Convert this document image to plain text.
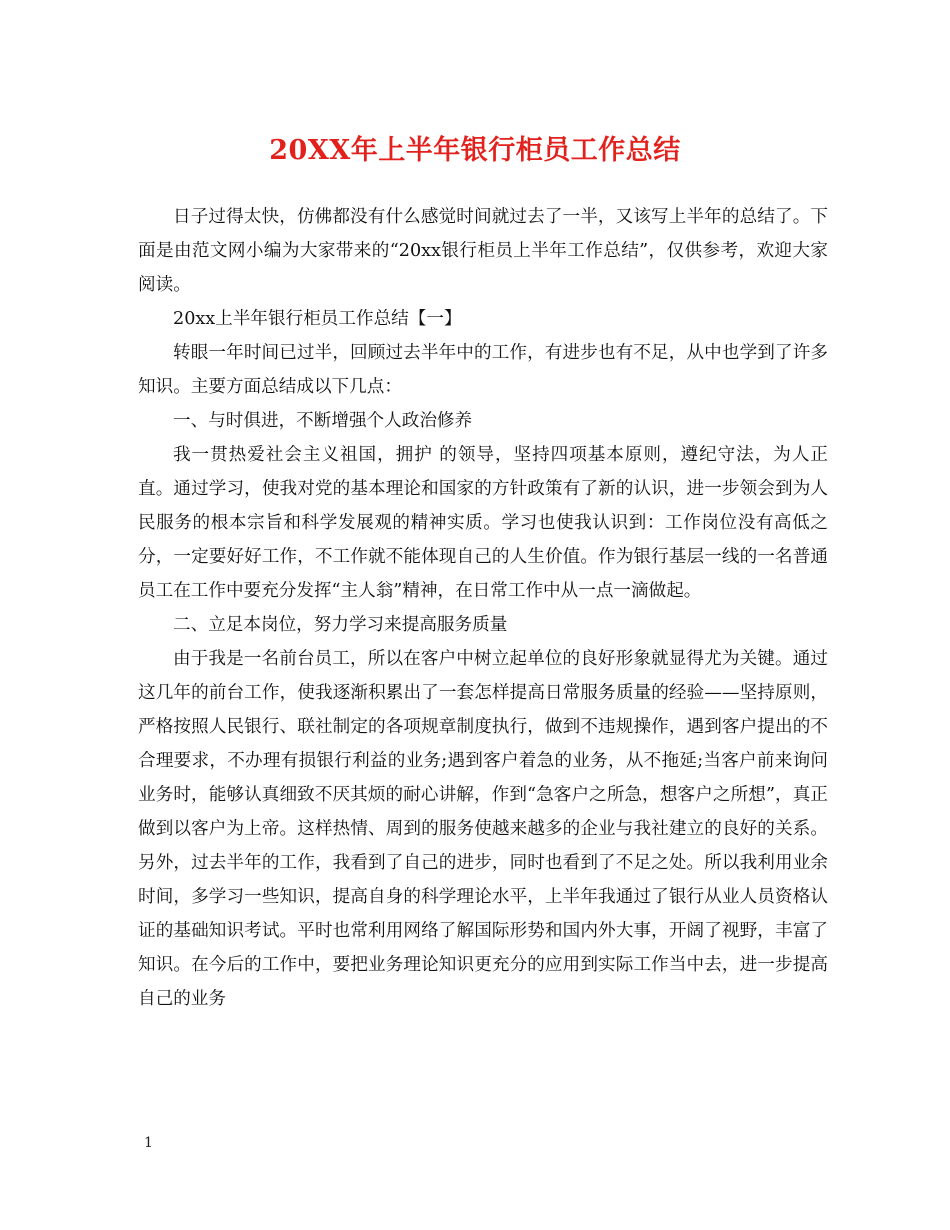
20XX年上半年银行柜员工作总结

日子过得太快，仿佛都没有什么感觉时间就过去了一半，又该写上半年的总结了。下面是由范文网小编为大家带来的“20xx银行柜员上半年工作总结”，仅供参考，欢迎大家阅读。

20xx上半年银行柜员工作总结【一】

转眼一年时间已过半，回顾过去半年中的工作，有进步也有不足，从中也学到了许多知识。主要方面总结成以下几点：

一、与时俱进，不断增强个人政治修养

我一贯热爱社会主义祖国，拥护 的领导，坚持四项基本原则，遵纪守法，为人正直。通过学习，使我对党的基本理论和国家的方针政策有了新的认识，进一步领会到为人民服务的根本宗旨和科学发展观的精神实质。学习也使我认识到：工作岗位没有高低之分，一定要好好工作，不工作就不能体现自己的人生价值。作为银行基层一线的一名普通员工在工作中要充分发挥“主人翁”精神，在日常工作中从一点一滴做起。

二、立足本岗位，努力学习来提高服务质量

由于我是一名前台员工，所以在客户中树立起单位的良好形象就显得尤为关键。通过这几年的前台工作，使我逐渐积累出了一套怎样提高日常服务质量的经验——坚持原则，严格按照人民银行、联社制定的各项规章制度执行，做到不违规操作，遇到客户提出的不合理要求，不办理有损银行利益的业务;遇到客户着急的业务，从不拖延;当客户前来询问业务时，能够认真细致不厌其烦的耐心讲解，作到“急客户之所急，想客户之所想”，真正做到以客户为上帝。这样热情、周到的服务使越来越多的企业与我社建立的良好的关系。另外，过去半年的工作，我看到了自己的进步，同时也看到了不足之处。所以我利用业余时间，多学习一些知识，提高自身的科学理论水平，上半年我通过了银行从业人员资格认证的基础知识考试。平时也常利用网络了解国际形势和国内外大事，开阔了视野，丰富了知识。在今后的工作中，要把业务理论知识更充分的应用到实际工作当中去，进一步提高自己的业务

1
